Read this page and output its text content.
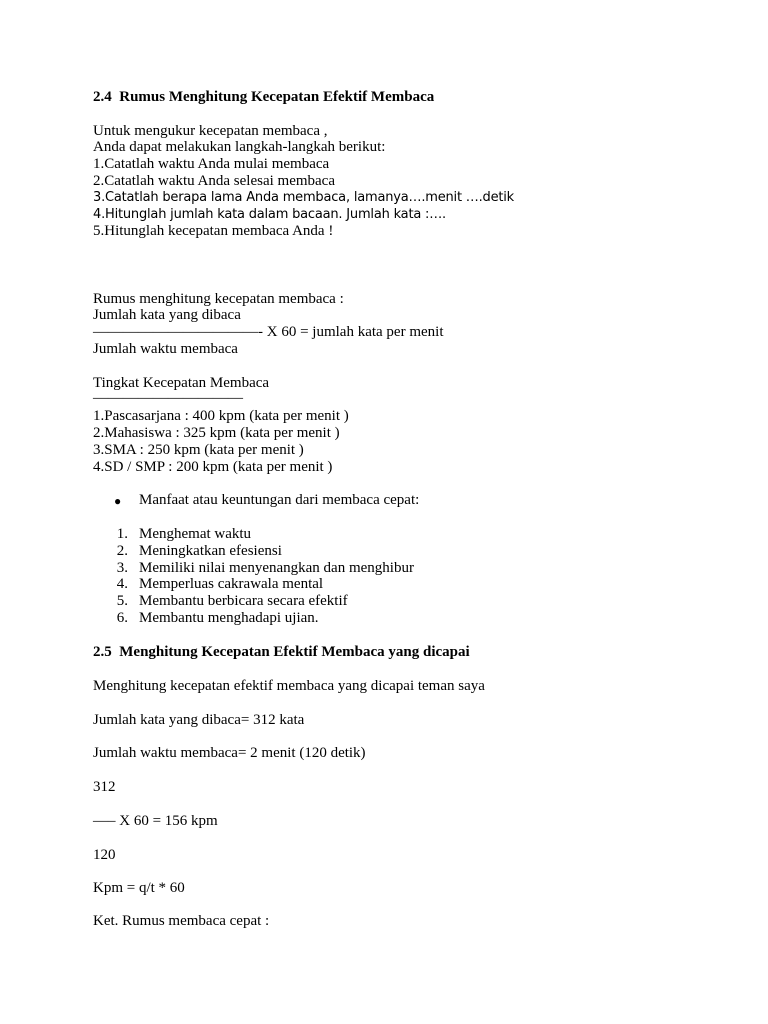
2.4  Rumus Menghitung Kecepatan Efektif Membaca
Untuk mengukur kecepatan membaca ,
Anda dapat melakukan langkah-langkah berikut:
1.Catatlah waktu Anda mulai membaca
2.Catatlah waktu Anda selesai membaca
3.Catatlah berapa lama Anda membaca, lamanya….menit ….detik
4.Hitunglah jumlah kata dalam bacaan. Jumlah kata :….
5.Hitunglah kecepatan membaca Anda !
Rumus menghitung kecepatan membaca :
Jumlah kata yang dibaca
———————————- X 60 = jumlah kata per menit
Jumlah waktu membaca
Tingkat Kecepatan Membaca
——————————
1.Pascasarjana : 400 kpm (kata per menit )
2.Mahasiswa : 325 kpm (kata per menit )
3.SMA : 250 kpm (kata per menit )
4.SD / SMP : 200 kpm (kata per menit )
● Manfaat atau keuntungan dari membaca cepat:
1. Menghemat waktu
2. Meningkatkan efesiensi
3. Memiliki nilai menyenangkan dan menghibur
4. Memperluas cakrawala mental
5. Membantu berbicara secara efektif
6. Membantu menghadapi ujian.
2.5  Menghitung Kecepatan Efektif Membaca yang dicapai
Menghitung kecepatan efektif membaca yang dicapai teman saya
Jumlah kata yang dibaca= 312 kata
Jumlah waktu membaca= 2 menit (120 detik)
312
—– X 60 = 156 kpm
120
Kpm = q/t * 60
Ket. Rumus membaca cepat :
